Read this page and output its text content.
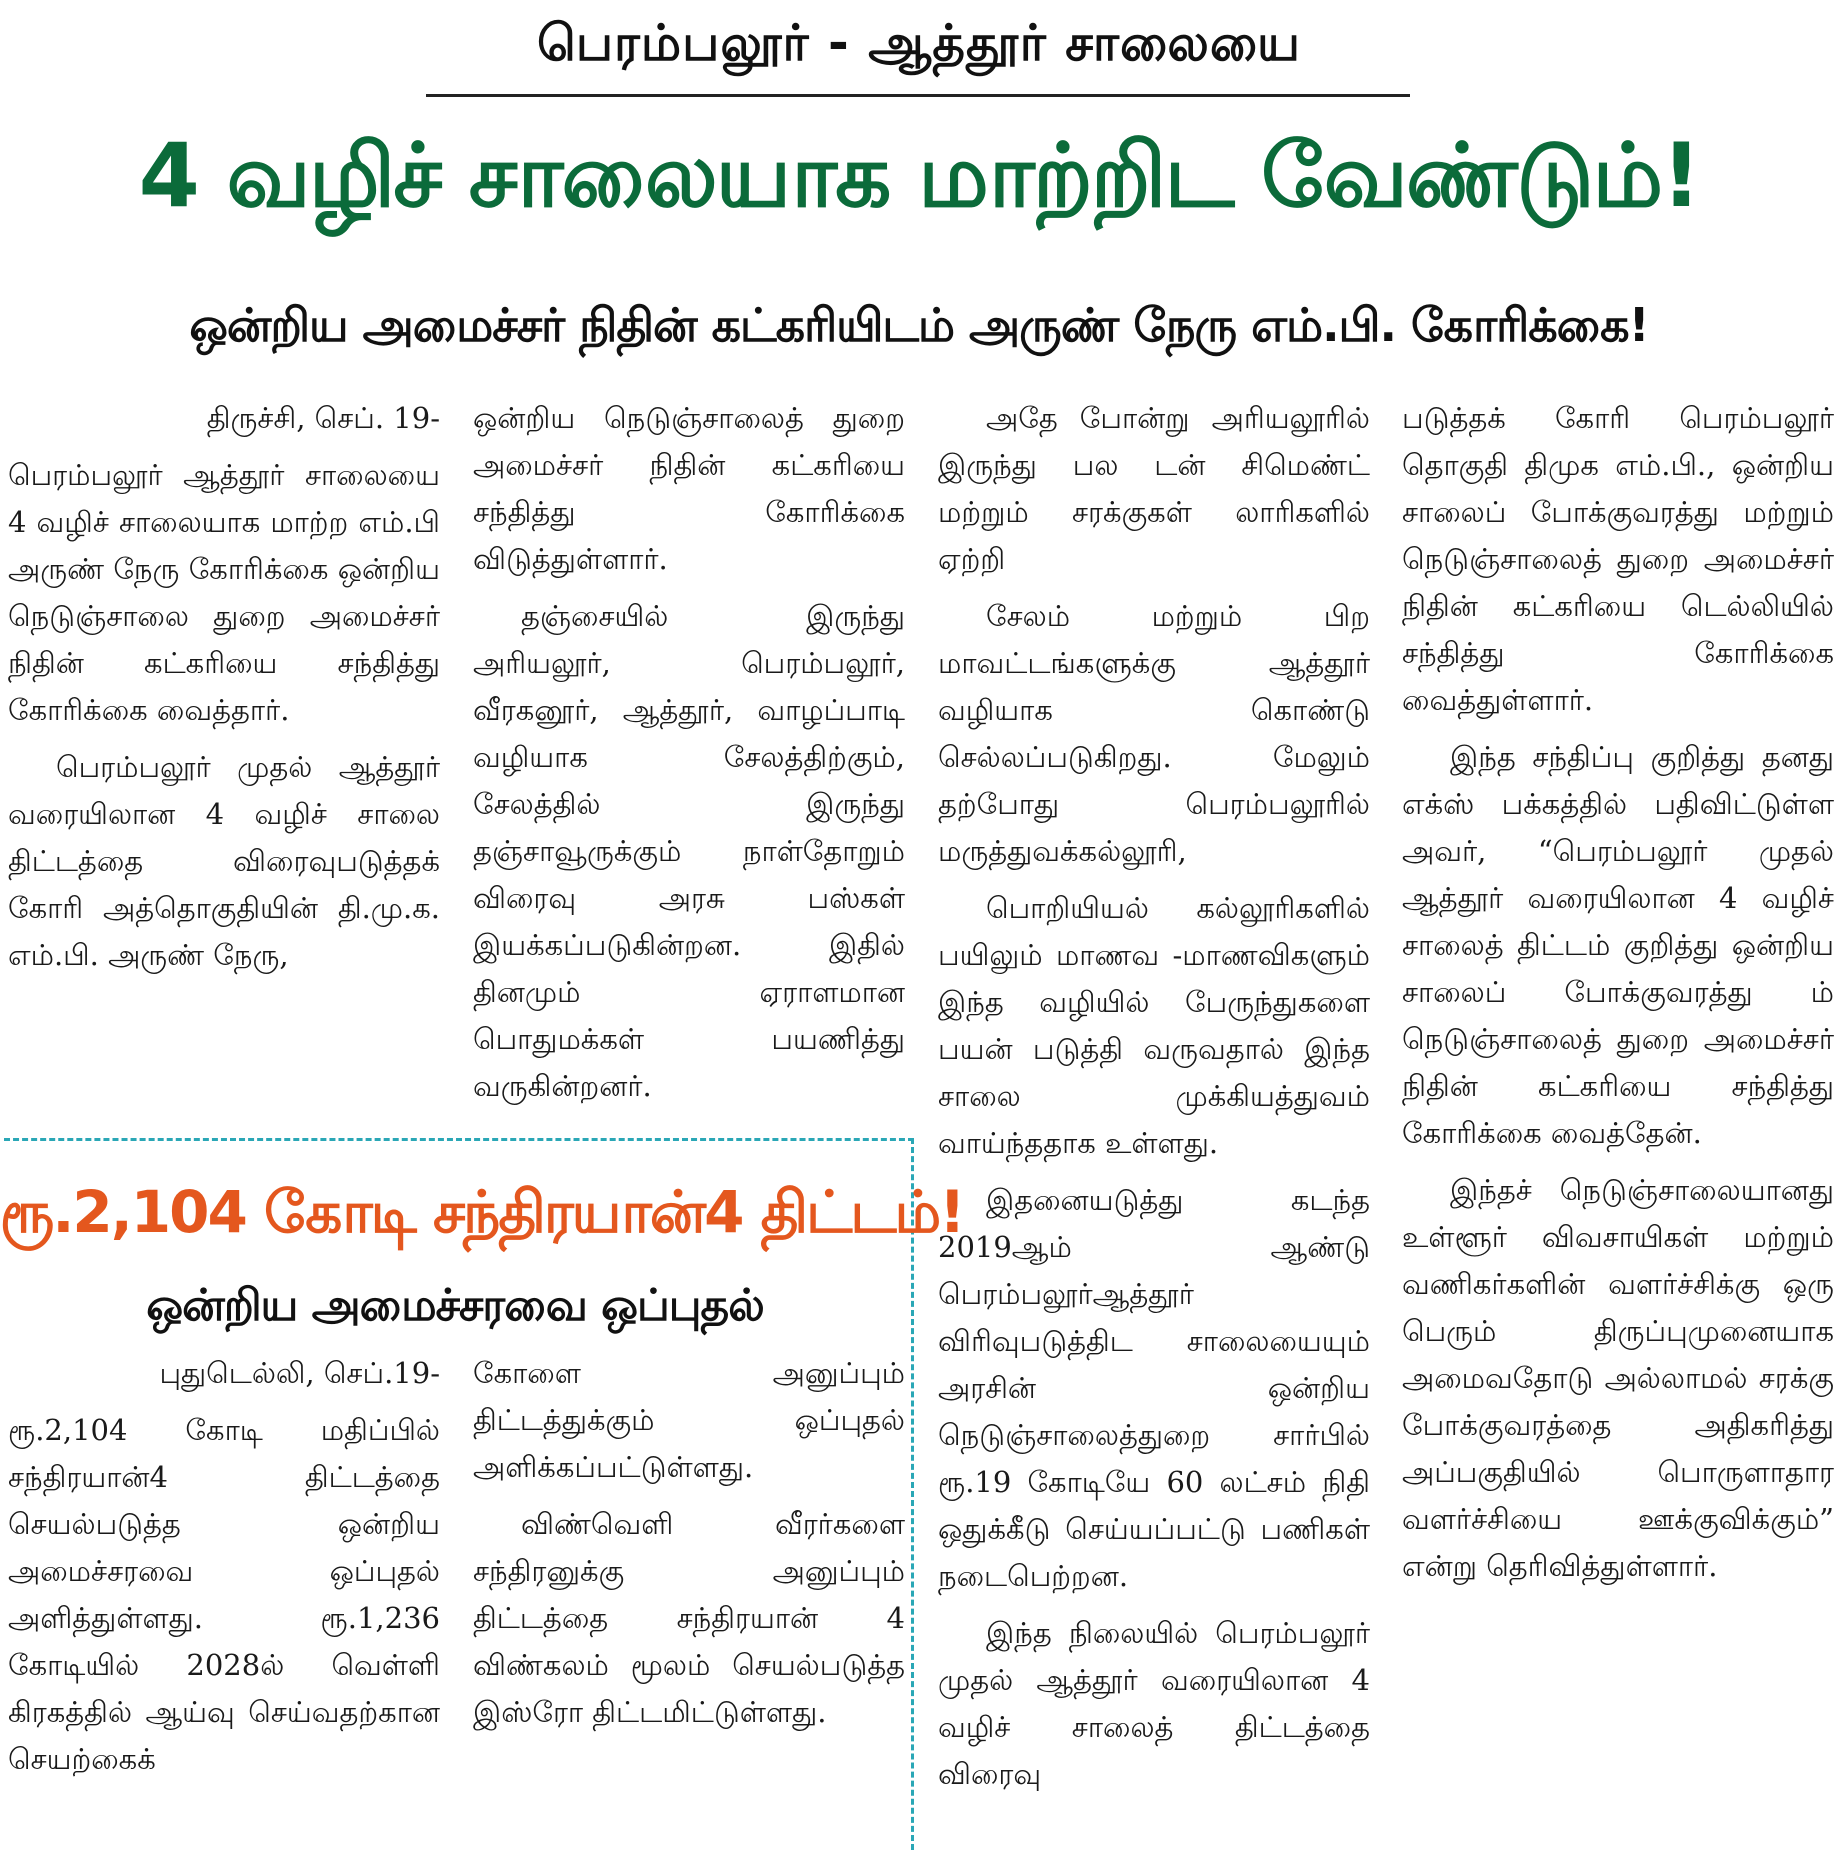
பெரம்பலூர் - ஆத்தூர் சாலையை
4 வழிச் சாலையாக மாற்றிட வேண்டும்!
ஒன்றிய அமைச்சர் நிதின் கட்கரியிடம் அருண் நேரு எம்.பி. கோரிக்கை!

திருச்சி, செப். 19-

பெரம்பலூர் ஆத்தூர் சாலையை 4 வழிச் சாலையாக மாற்ற எம்.பி அருண் நேரு கோரிக்கை ஒன்றிய நெடுஞ்சாலை துறை அமைச்சர் நிதின் கட்கரியை சந்தித்து கோரிக்கை வைத்தார்.

பெரம்பலூர் முதல் ஆத்தூர் வரையிலான 4 வழிச் சாலை திட்டத்தை விரைவுபடுத்தக் கோரி அத்தொகுதியின் தி.மு.க. எம்.பி. அருண் நேரு,

ஒன்றிய நெடுஞ்சாலைத் துறை அமைச்சர் நிதின் கட்கரியை சந்தித்து கோரிக்கை விடுத்துள்ளார்.

தஞ்சையில் இருந்து அரியலூர், பெரம்பலூர், வீரகனூர், ஆத்தூர், வாழப்பாடி வழியாக சேலத்திற்கும், சேலத்தில் இருந்து தஞ்சாவூருக்கும் நாள்தோறும் விரைவு அரசு பஸ்கள் இயக்கப்படுகின்றன. இதில் தினமும் ஏராளமான பொதுமக்கள் பயணித்து வருகின்றனர்.

அதே போன்று அரியலூரில் இருந்து பல டன் சிமெண்ட் மற்றும் சரக்குகள் லாரிகளில் ஏற்றி

சேலம் மற்றும் பிற மாவட்டங்களுக்கு ஆத்தூர் வழியாக கொண்டு செல்லப்படுகிறது. மேலும் தற்போது பெரம்பலூரில் மருத்துவக்கல்லூரி,

பொறியியல் கல்லூரிகளில் பயிலும் மாணவ -மாணவிகளும் இந்த வழியில் பேருந்துகளை பயன் படுத்தி வருவதால் இந்த சாலை முக்கியத்துவம் வாய்ந்ததாக உள்ளது.

இதனையடுத்து கடந்த 2019ஆம் ஆண்டு பெரம்பலூர்ஆத்தூர் விரிவுபடுத்திட சாலையையும் அரசின் ஒன்றிய நெடுஞ்சாலைத்துறை சார்பில் ரூ.19 கோடியே 60 லட்சம் நிதி ஒதுக்கீடு செய்யப்பட்டு பணிகள் நடைபெற்றன.

இந்த நிலையில் பெரம்பலூர் முதல் ஆத்தூர் வரையிலான 4 வழிச் சாலைத் திட்டத்தை விரைவு

படுத்தக் கோரி பெரம்பலூர் தொகுதி திமுக எம்.பி., ஒன்றிய சாலைப் போக்குவரத்து மற்றும் நெடுஞ்சாலைத் துறை அமைச்சர் நிதின் கட்கரியை டெல்லியில் சந்தித்து கோரிக்கை வைத்துள்ளார்.

இந்த சந்திப்பு குறித்து தனது எக்ஸ் பக்கத்தில் பதிவிட்டுள்ள அவர், “பெரம்பலூர் முதல் ஆத்தூர் வரையிலான 4 வழிச் சாலைத் திட்டம் குறித்து ஒன்றிய சாலைப் போக்குவரத்து ம் நெடுஞ்சாலைத் துறை அமைச்சர் நிதின் கட்கரியை சந்தித்து கோரிக்கை வைத்தேன்.

இந்தச் நெடுஞ்சாலையானது உள்ளூர் விவசாயிகள் மற்றும் வணிகர்களின் வளர்ச்சிக்கு ஒரு பெரும் திருப்புமுனையாக அமைவதோடு அல்லாமல் சரக்கு போக்குவரத்தை அதிகரித்து அப்பகுதியில் பொருளாதார வளர்ச்சியை ஊக்குவிக்கும்” என்று தெரிவித்துள்ளார்.

ரூ.2,104 கோடி சந்திரயான்4 திட்டம்!
ஒன்றிய அமைச்சரவை ஒப்புதல்

புதுடெல்லி, செப்.19-

ரூ.2,104 கோடி மதிப்பில் சந்திரயான்4 திட்டத்தை செயல்படுத்த ஒன்றிய அமைச்சரவை ஒப்புதல் அளித்துள்ளது. ரூ.1,236 கோடியில் 2028ல் வெள்ளி கிரகத்தில் ஆய்வு செய்வதற்கான செயற்கைக்

கோளை அனுப்பும் திட்டத்துக்கும் ஒப்புதல் அளிக்கப்பட்டுள்ளது.

விண்வெளி வீரர்களை சந்திரனுக்கு அனுப்பும் திட்டத்தை சந்திரயான் 4 விண்கலம் மூலம் செயல்படுத்த இஸ்ரோ திட்டமிட்டுள்ளது.
